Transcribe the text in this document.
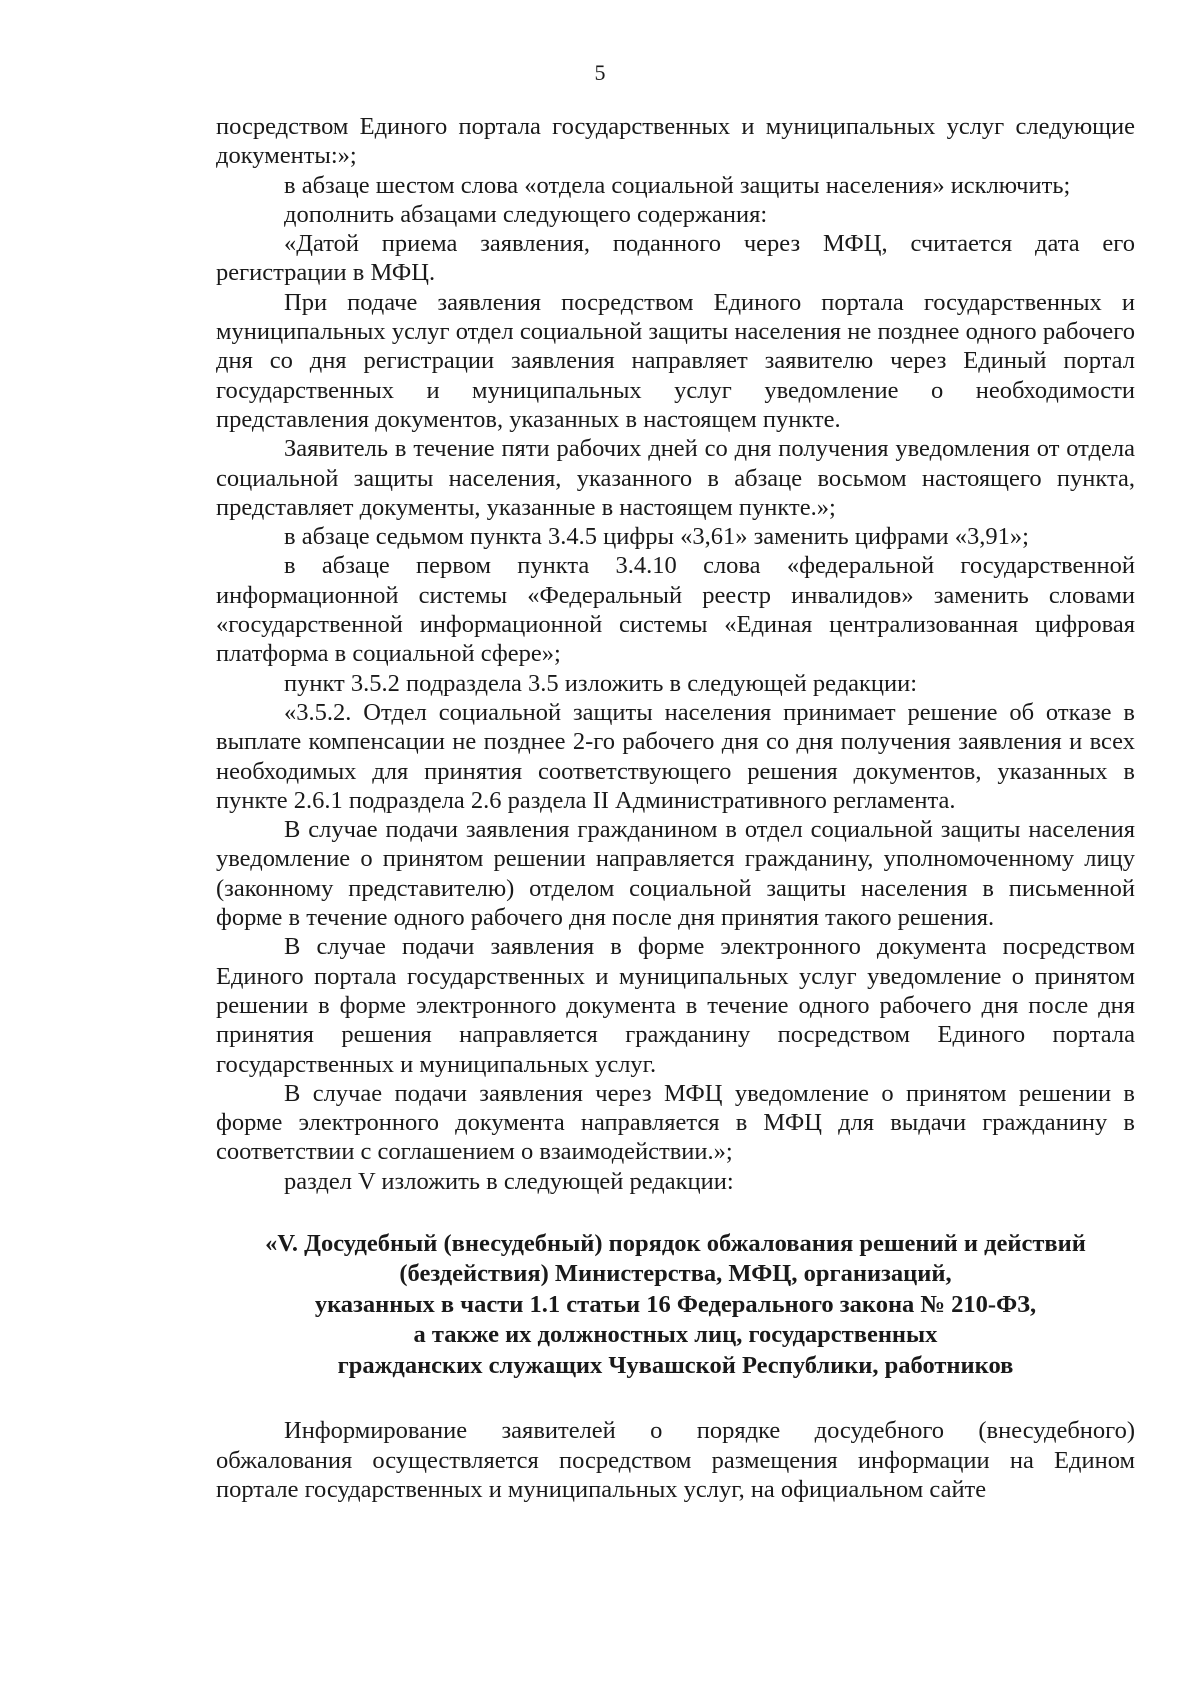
5

посредством Единого портала государственных и муниципальных услуг следующие документы:»;

в абзаце шестом слова «отдела социальной защиты населения» исключить;

дополнить абзацами следующего содержания:

«Датой приема заявления, поданного через МФЦ, считается дата его регистрации в МФЦ.

При подаче заявления посредством Единого портала государственных и муниципальных услуг отдел социальной защиты населения не позднее одного рабочего дня со дня регистрации заявления направляет заявителю через Единый портал государственных и муниципальных услуг уведомление о необходимости представления документов, указанных в настоящем пункте.

Заявитель в течение пяти рабочих дней со дня получения уведомления от отдела социальной защиты населения, указанного в абзаце восьмом настоящего пункта, представляет документы, указанные в настоящем пункте.»;

в абзаце седьмом пункта 3.4.5 цифры «3,61» заменить цифрами «3,91»;

в абзаце первом пункта 3.4.10 слова «федеральной государственной информационной системы «Федеральный реестр инвалидов» заменить словами «государственной информационной системы «Единая централизованная цифровая платформа в социальной сфере»;

пункт 3.5.2 подраздела 3.5 изложить в следующей редакции:

«3.5.2. Отдел социальной защиты населения принимает решение об отказе в выплате компенсации не позднее 2-го рабочего дня со дня получения заявления и всех необходимых для принятия соответствующего решения документов, указанных в пункте 2.6.1 подраздела 2.6 раздела II Административного регламента.

В случае подачи заявления гражданином в отдел социальной защиты населения уведомление о принятом решении направляется гражданину, уполномоченному лицу (законному представителю) отделом социальной защиты населения в письменной форме в течение одного рабочего дня после дня принятия такого решения.

В случае подачи заявления в форме электронного документа посредством Единого портала государственных и муниципальных услуг уведомление о принятом решении в форме электронного документа в течение одного рабочего дня после дня принятия решения направляется гражданину посредством Единого портала государственных и муниципальных услуг.

В случае подачи заявления через МФЦ уведомление о принятом решении в форме электронного документа направляется в МФЦ для выдачи гражданину в соответствии с соглашением о взаимодействии.»;

раздел V изложить в следующей редакции:

«V. Досудебный (внесудебный) порядок обжалования решений и действий
(бездействия) Министерства, МФЦ, организаций,
указанных в части 1.1 статьи 16 Федерального закона № 210-ФЗ,
а также их должностных лиц, государственных
гражданских служащих Чувашской Республики, работников

Информирование заявителей о порядке досудебного (внесудебного) обжалования осуществляется посредством размещения информации на Едином портале государственных и муниципальных услуг, на официальном сайте
